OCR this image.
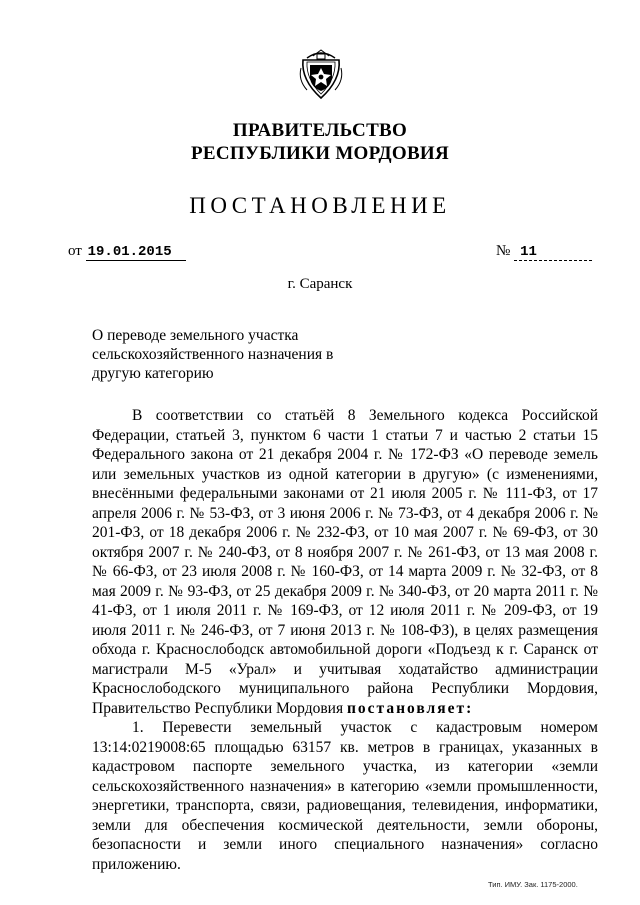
ПРАВИТЕЛЬСТВО
РЕСПУБЛИКИ МОРДОВИЯ
ПОСТАНОВЛЕНИЕ
от 19.01.2015	№ 11
г. Саранск
О переводе земельного участка
сельскохозяйственного назначения в
другую категорию

В соответствии со статьёй 8 Земельного кодекса Российской Федерации, статьей 3, пунктом 6 части 1 статьи 7 и частью 2 статьи 15 Федерального закона от 21 декабря 2004 г. № 172-ФЗ «О переводе земель или земельных участков из одной категории в другую» (с изменениями, внесёнными федеральными законами от 21 июля 2005 г. № 111-ФЗ, от 17 апреля 2006 г. № 53-ФЗ, от 3 июня 2006 г. № 73-ФЗ, от 4 декабря 2006 г. № 201-ФЗ, от 18 декабря 2006 г. № 232-ФЗ, от 10 мая 2007 г. № 69-ФЗ, от 30 октября 2007 г. № 240-ФЗ, от 8 ноября 2007 г. № 261-ФЗ, от 13 мая 2008 г. № 66-ФЗ, от 23 июля 2008 г. № 160-ФЗ, от 14 марта 2009 г. № 32-ФЗ, от 8 мая 2009 г. № 93-ФЗ, от 25 декабря 2009 г. № 340-ФЗ, от 20 марта 2011 г. № 41-ФЗ, от 1 июля 2011 г. № 169-ФЗ, от 12 июля 2011 г. № 209-ФЗ, от 19 июля 2011 г. № 246-ФЗ, от 7 июня 2013 г. № 108-ФЗ), в целях размещения обхода г. Краснослободск автомобильной дороги «Подъезд к г. Саранск от магистрали М-5 «Урал» и учитывая ходатайство администрации Краснослободского муниципального района Республики Мордовия, Правительство Республики Мордовия постановляет:

1. Перевести земельный участок с кадастровым номером 13:14:0219008:65 площадью 63157 кв. метров в границах, указанных в кадастровом паспорте земельного участка, из категории «земли сельскохозяйственного назначения» в категорию «земли промышленности, энергетики, транспорта, связи, радиовещания, телевидения, информатики, земли для обеспечения космической деятельности, земли обороны, безопасности и земли иного специального назначения» согласно приложению.

Тип. ИМУ. Зак. 1175-2000.
